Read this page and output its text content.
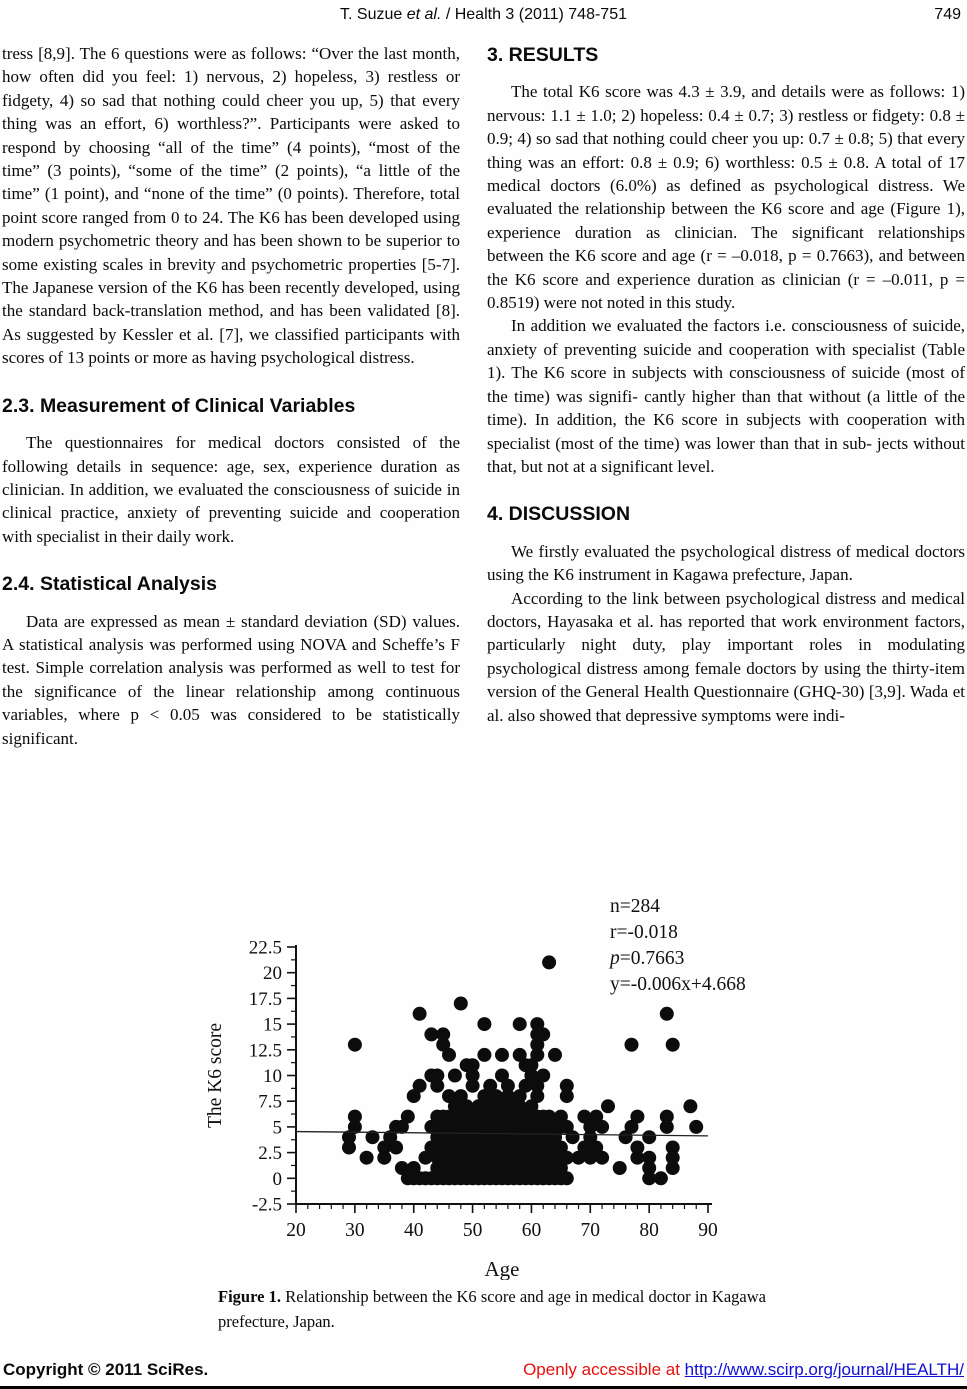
T. Suzue et al. / Health 3 (2011) 748-751	749

tress [8,9]. The 6 questions were as follows: “Over the last month, how often did you feel: 1) nervous, 2) hopeless, 3) restless or fidgety, 4) so sad that nothing could cheer you up, 5) that every thing was an effort, 6) worthless?”. Participants were asked to respond by choosing “all of the time” (4 points), “most of the time” (3 points), “some of the time” (2 points), “a little of the time” (1 point), and “none of the time” (0 points). Therefore, total point score ranged from 0 to 24. The K6 has been developed using modern psychometric theory and has been shown to be superior to some existing scales in brevity and psychometric properties [5-7]. The Japanese version of the K6 has been recently developed, using the standard back-translation method, and has been validated [8]. As suggested by Kessler et al. [7], we classified participants with scores of 13 points or more as having psychological distress.

2.3. Measurement of Clinical Variables

The questionnaires for medical doctors consisted of the following details in sequence: age, sex, experience duration as clinician. In addition, we evaluated the consciousness of suicide in clinical practice, anxiety of preventing suicide and cooperation with specialist in their daily work.

2.4. Statistical Analysis

Data are expressed as mean ± standard deviation (SD) values. A statistical analysis was performed using NOVA and Scheffe’s F test. Simple correlation analysis was performed as well to test for the significance of the linear relationship among continuous variables, where p < 0.05 was considered to be statistically significant.

3. RESULTS

The total K6 score was 4.3 ± 3.9, and details were as follows: 1) nervous: 1.1 ± 1.0; 2) hopeless: 0.4 ± 0.7; 3) restless or fidgety: 0.8 ± 0.9; 4) so sad that nothing could cheer you up: 0.7 ± 0.8; 5) that every thing was an effort: 0.8 ± 0.9; 6) worthless: 0.5 ± 0.8. A total of 17 medical doctors (6.0%) as defined as psychological distress. We evaluated the relationship between the K6 score and age (Figure 1), experience duration as clinician. The significant relationships between the K6 score and age (r = –0.018, p = 0.7663), and between the K6 score and experience duration as clinician (r = –0.011, p = 0.8519) were not noted in this study.

In addition we evaluated the factors i.e. consciousness of suicide, anxiety of preventing suicide and cooperation with specialist (Table 1). The K6 score in subjects with consciousness of suicide (most of the time) was signifi- cantly higher than that without (a little of the time). In addition, the K6 score in subjects with cooperation with specialist (most of the time) was lower than that in sub- jects without that, but not at a significant level.

4. DISCUSSION

We firstly evaluated the psychological distress of medical doctors using the K6 instrument in Kagawa prefecture, Japan.

According to the link between psychological distress and medical doctors, Hayasaka et al. has reported that work environment factors, particularly night duty, play important roles in modulating psychological distress among female doctors by using the thirty-item version of the General Health Questionnaire (GHQ-30) [3,9]. Wada et al. also showed that depressive symptoms were indi-

-2.5
0
2.5
5
7.5
10
12.5
15
17.5
20
22.5
20 30 40 50 60 70 80 90
n=284
r=-0.018
p=0.7663
y=-0.006x+4.668
The K6 score
Age
Figure 1. Relationship between the K6 score and age in medical doctor in Kagawa prefecture, Japan.
Copyright © 2011 SciRes.	Openly accessible at http://www.scirp.org/journal/HEALTH/
